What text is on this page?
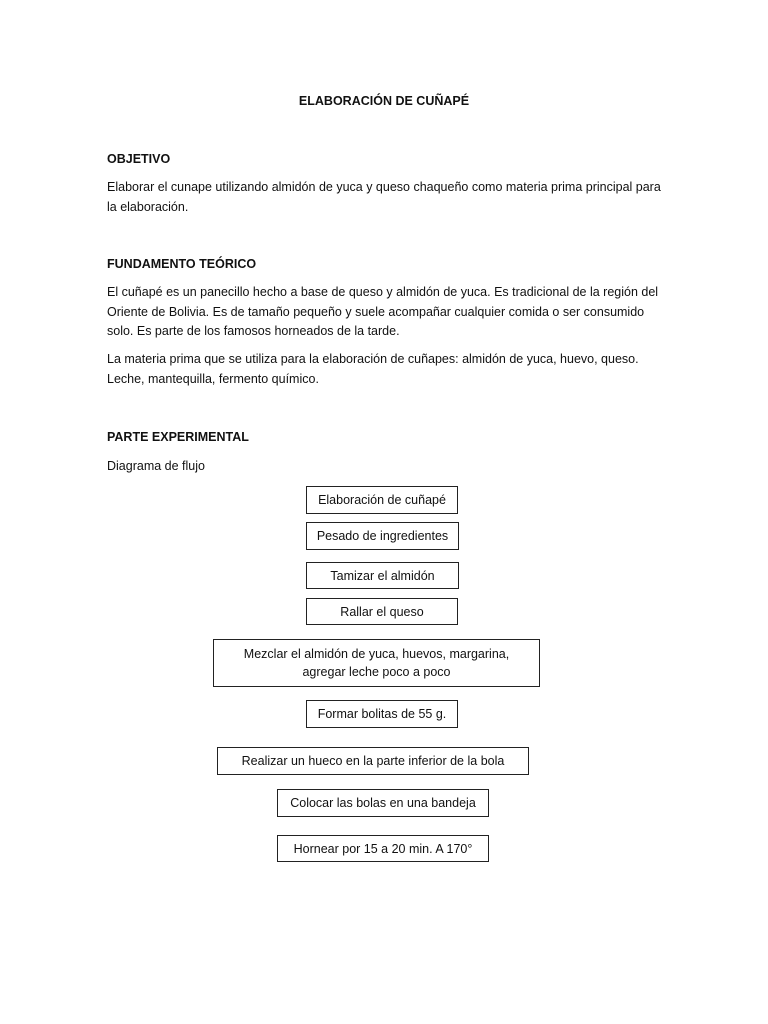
ELABORACIÓN DE CUÑAPÉ
OBJETIVO
Elaborar el cunape utilizando almidón de yuca y queso chaqueño como materia prima principal para la elaboración.
FUNDAMENTO TEÓRICO
El cuñapé es un panecillo hecho a base de queso y almidón de yuca. Es tradicional de la región del Oriente de Bolivia. Es de tamaño pequeño y suele acompañar cualquier comida o ser consumido solo. Es parte de los famosos horneados de la tarde.
La materia prima que se utiliza para la elaboración de cuñapes: almidón de yuca, huevo, queso. Leche, mantequilla, fermento químico.
PARTE EXPERIMENTAL
Diagrama de flujo
Elaboración de cuñapé
Pesado de ingredientes
Tamizar el almidón
Rallar el queso
Mezclar el almidón de yuca, huevos, margarina, agregar leche poco a poco
Formar bolitas de 55 g.
Realizar un hueco en la parte inferior de la bola
Colocar las bolas en una bandeja
Hornear por 15 a 20 min. A 170°
